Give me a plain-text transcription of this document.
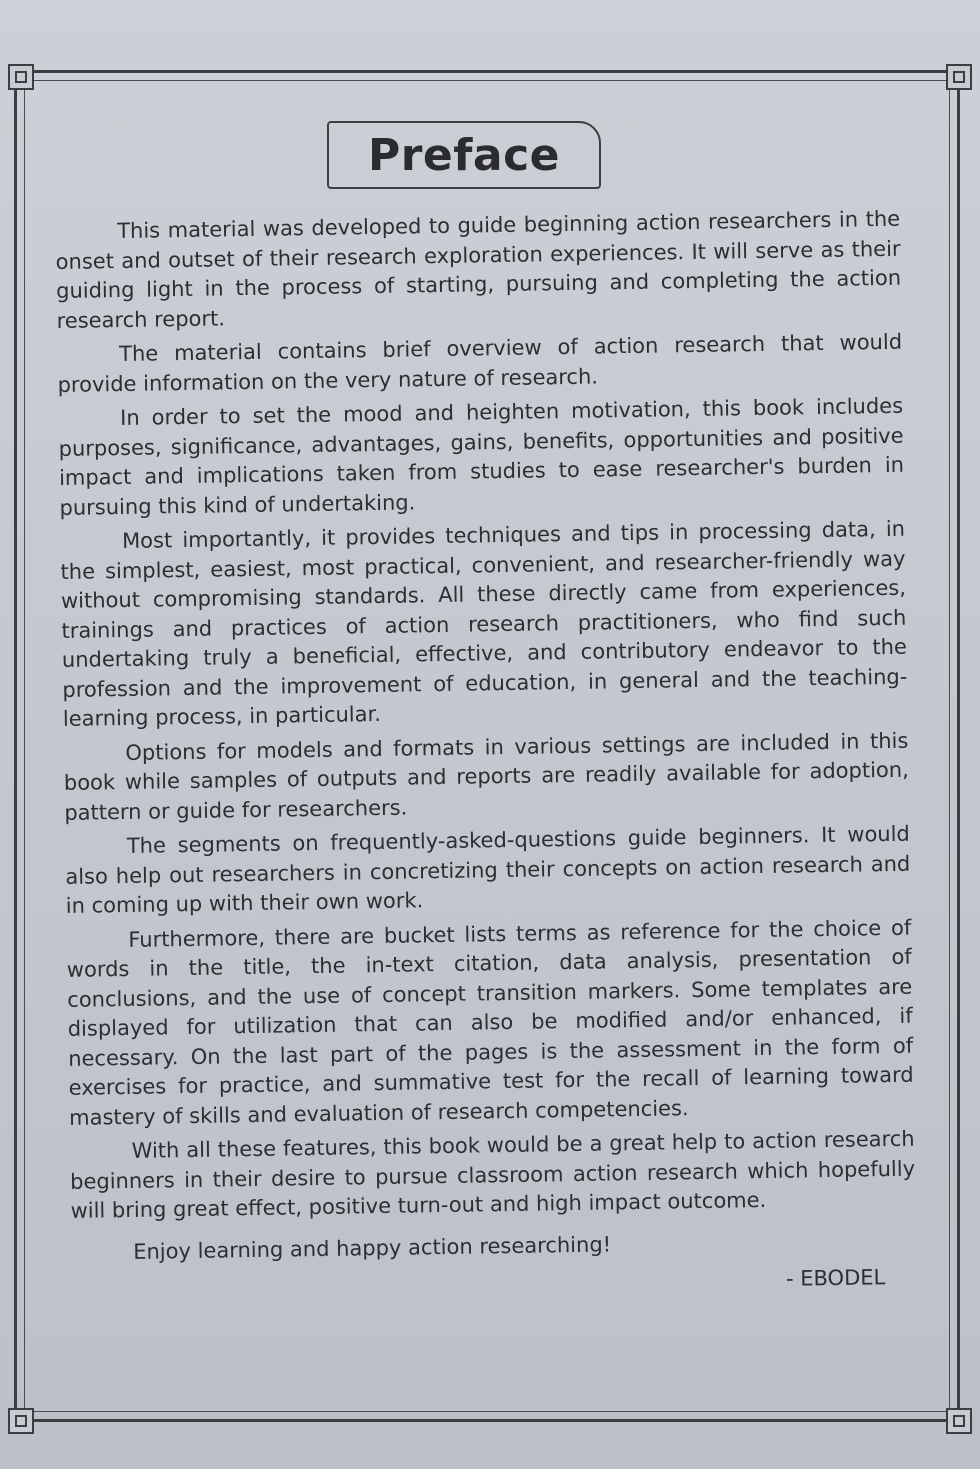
Preface

This material was developed to guide beginning action researchers in the onset and outset of their research exploration experiences. It will serve as their guiding light in the process of starting, pursuing and completing the action research report.

The material contains brief overview of action research that would provide information on the very nature of research.

In order to set the mood and heighten motivation, this book includes purposes, significance, advantages, gains, benefits, opportunities and positive impact and implications taken from studies to ease researcher's burden in pursuing this kind of undertaking.

Most importantly, it provides techniques and tips in processing data, in the simplest, easiest, most practical, convenient, and researcher-friendly way without compromising standards. All these directly came from experiences, trainings and practices of action research practitioners, who find such undertaking truly a beneficial, effective, and contributory endeavor to the profession and the improvement of education, in general and the teaching-learning process, in particular.

Options for models and formats in various settings are included in this book while samples of outputs and reports are readily available for adoption, pattern or guide for researchers.

The segments on frequently-asked-questions guide beginners. It would also help out researchers in concretizing their concepts on action research and in coming up with their own work.

Furthermore, there are bucket lists terms as reference for the choice of words in the title, the in-text citation, data analysis, presentation of conclusions, and the use of concept transition markers. Some templates are displayed for utilization that can also be modified and/or enhanced, if necessary. On the last part of the pages is the assessment in the form of exercises for practice, and summative test for the recall of learning toward mastery of skills and evaluation of research competencies.

With all these features, this book would be a great help to action research beginners in their desire to pursue classroom action research which hopefully will bring great effect, positive turn-out and high impact outcome.

Enjoy learning and happy action researching!

- EBODEL
